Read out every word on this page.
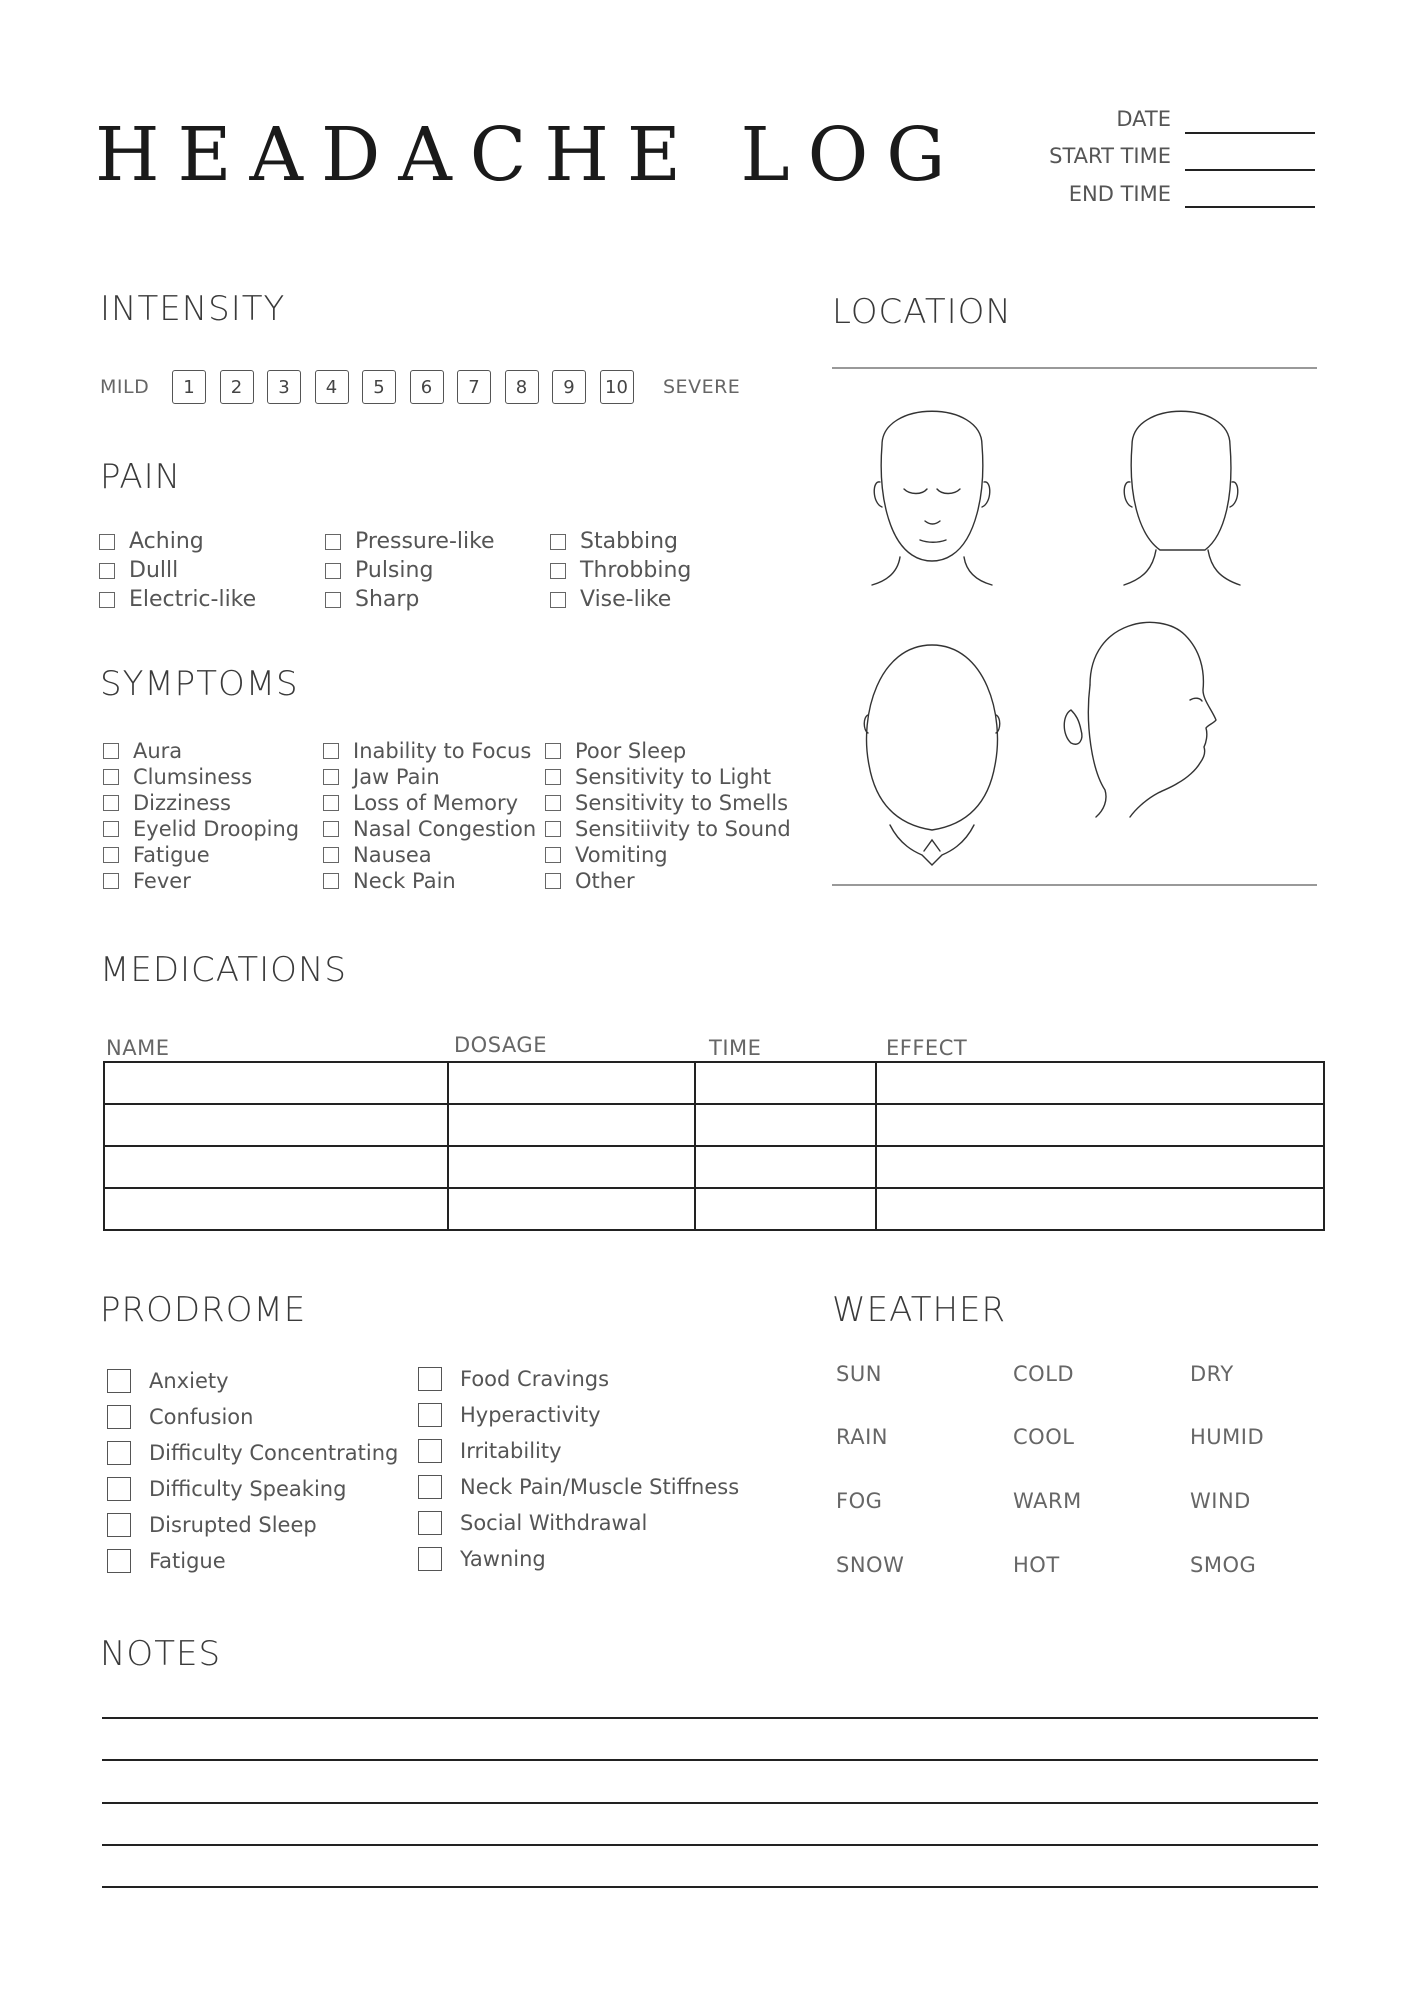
HEADACHE LOG	DATE
START TIME
END TIME
INTENSITY
MILD	1	2	3	4	5	6	7	8	9	10 SEVERE
PAIN
Aching
Dulll
Electric-like
Pressure-like
Pulsing
Sharp
Stabbing
Throbbing
Vise-like
SYMPTOMS
Aura
Clumsiness
Dizziness
Eyelid Drooping
Fatigue
Fever
Inability to Focus
Jaw Pain
Loss of Memory
Nasal Congestion
Nausea
Neck Pain
Poor Sleep
Sensitivity to Light
Sensitivity to Smells
Sensitiivity to Sound
Vomiting
Other
LOCATION
MEDICATIONS
NAME	DOSAGE	TIME	EFFECT

PRODROME
Anxiety
Confusion
Difficulty Concentrating
Difficulty Speaking
Disrupted Sleep
Fatigue
Food Cravings
Hyperactivity
Irritability
Neck Pain/Muscle Stiffness
Social Withdrawal
Yawning
WEATHER
SUN	COLD	DRY
RAIN	COOL	HUMID
FOG	WARM	WIND
SNOW	HOT	SMOG
NOTES
